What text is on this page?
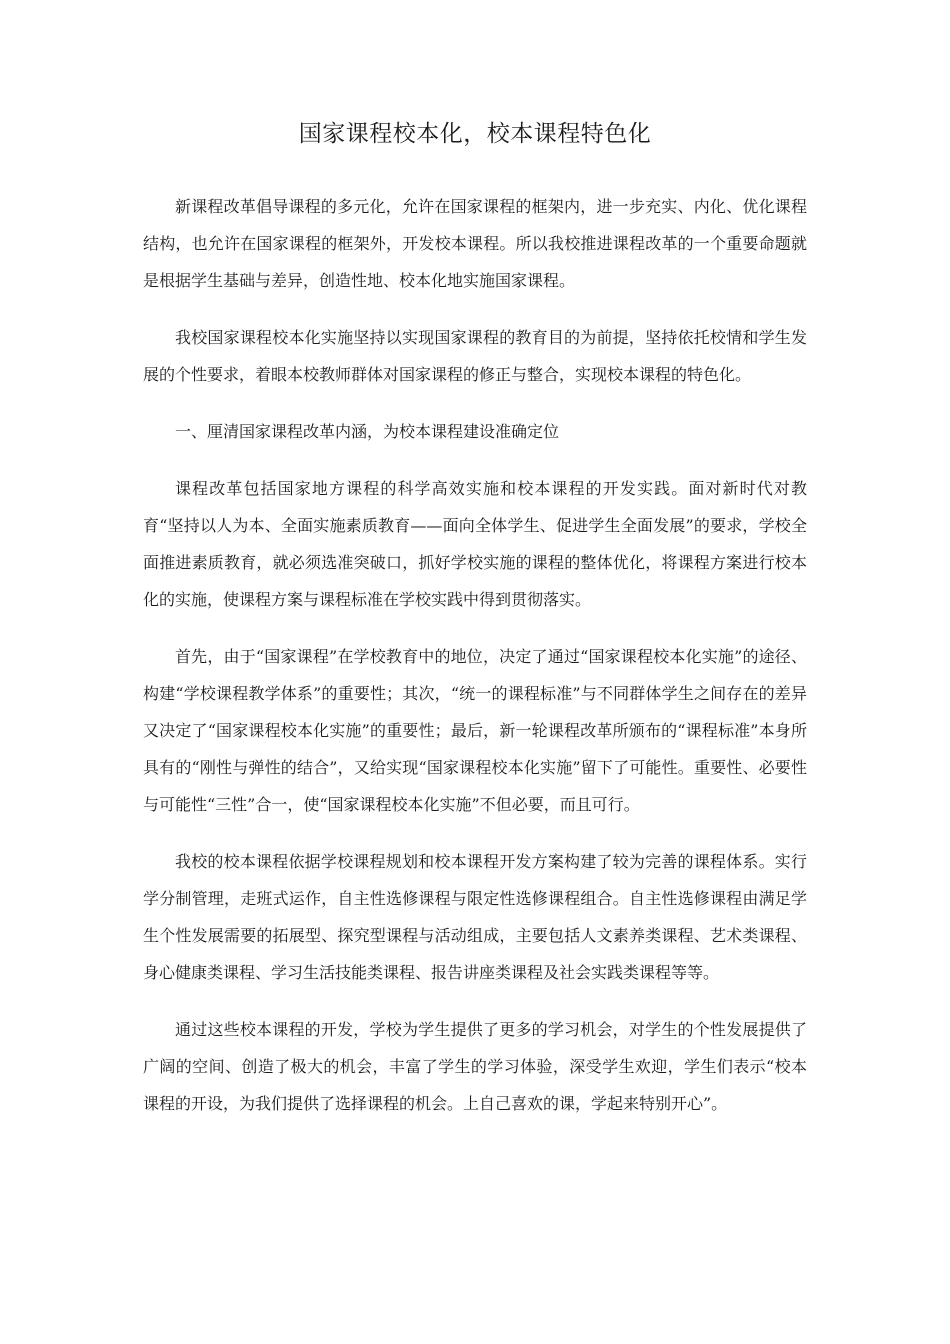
国家课程校本化，校本课程特色化

新课程改革倡导课程的多元化，允许在国家课程的框架内，进一步充实、内化、优化课程结构，也允许在国家课程的框架外，开发校本课程。所以我校推进课程改革的一个重要命题就是根据学生基础与差异，创造性地、校本化地实施国家课程。

我校国家课程校本化实施坚持以实现国家课程的教育目的为前提，坚持依托校情和学生发展的个性要求，着眼本校教师群体对国家课程的修正与整合，实现校本课程的特色化。

一、厘清国家课程改革内涵，为校本课程建设准确定位

课程改革包括国家地方课程的科学高效实施和校本课程的开发实践。面对新时代对教育“坚持以人为本、全面实施素质教育——面向全体学生、促进学生全面发展”的要求，学校全面推进素质教育，就必须选准突破口，抓好学校实施的课程的整体优化，将课程方案进行校本化的实施，使课程方案与课程标准在学校实践中得到贯彻落实。

首先，由于“国家课程”在学校教育中的地位，决定了通过“国家课程校本化实施”的途径、构建“学校课程教学体系”的重要性；其次，“统一的课程标准”与不同群体学生之间存在的差异又决定了“国家课程校本化实施”的重要性；最后，新一轮课程改革所颁布的“课程标准”本身所具有的“刚性与弹性的结合”，又给实现“国家课程校本化实施”留下了可能性。重要性、必要性与可能性“三性”合一，使“国家课程校本化实施”不但必要，而且可行。

我校的校本课程依据学校课程规划和校本课程开发方案构建了较为完善的课程体系。实行学分制管理，走班式运作，自主性选修课程与限定性选修课程组合。自主性选修课程由满足学生个性发展需要的拓展型、探究型课程与活动组成，主要包括人文素养类课程、艺术类课程、身心健康类课程、学习生活技能类课程、报告讲座类课程及社会实践类课程等等。

通过这些校本课程的开发，学校为学生提供了更多的学习机会，对学生的个性发展提供了广阔的空间、创造了极大的机会，丰富了学生的学习体验，深受学生欢迎，学生们表示“校本课程的开设，为我们提供了选择课程的机会。上自己喜欢的课，学起来特别开心”。
